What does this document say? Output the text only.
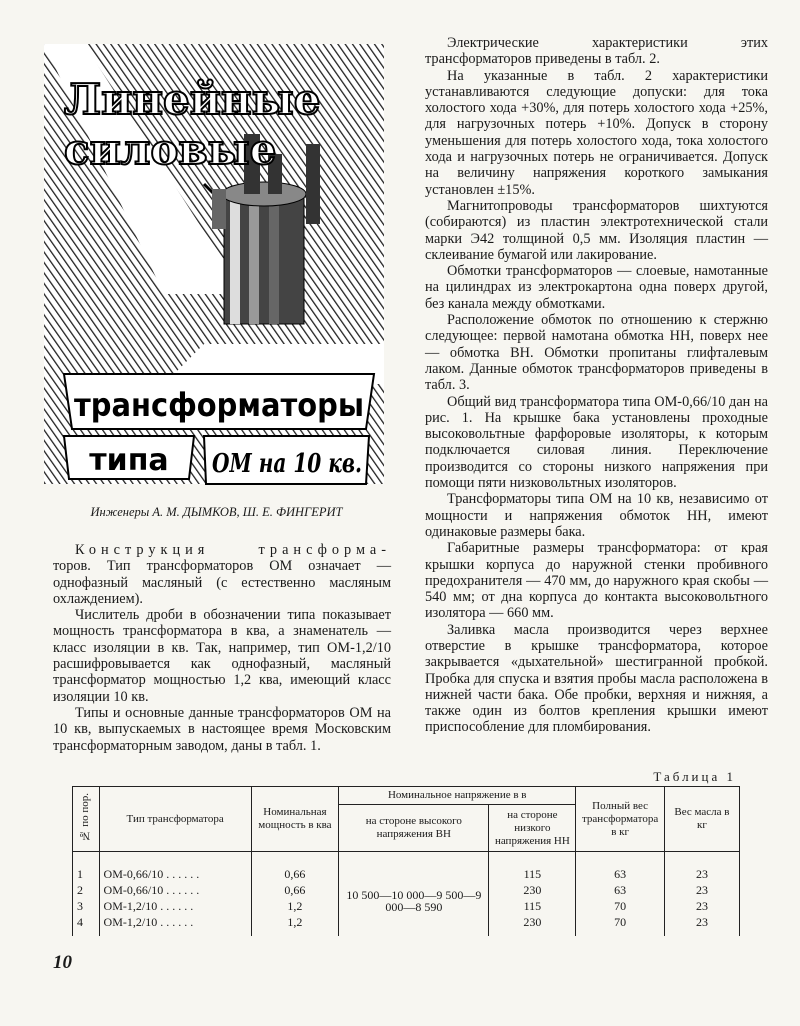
Линейные
силовые
трансформаторы
типа ОМ на 10 кв.
Инженеры А. М. ДЫМКОВ, Ш. Е. ФИНГЕРИТ

Конструкция трансформа- торов. Тип трансформаторов ОМ означает — однофазный масляный (с естественно масляным охлаждением).

Числитель дроби в обозначении типа показывает мощность трансформатора в ква, а знаменатель — класс изоляции в кв. Так, например, тип ОМ-1,2/10 расшифровывается как однофазный, масляный трансформатор мощностью 1,2 ква, имеющий класс изоляции 10 кв.

Типы и основные данные трансформаторов ОМ на 10 кв, выпускаемых в настоящее время Московским трансформаторным заводом, даны в табл. 1.

Электрические характеристики этих трансформаторов приведены в табл. 2.

На указанные в табл. 2 характеристики устанавливаются следующие допуски: для тока холостого хода +30%, для потерь холостого хода +25%, для нагрузочных потерь +10%. Допуск в сторону уменьшения для потерь холостого хода, тока холостого хода и нагрузочных потерь не ограничивается. Допуск на величину напряжения короткого замыкания установлен ±15%.

Магнитопроводы трансформаторов шихтуются (собираются) из пластин электротехнической стали марки Э42 толщиной 0,5 мм. Изоляция пластин — склеивание бумагой или лакирование.

Обмотки трансформаторов — слоевые, намотанные на цилиндрах из электрокартона одна поверх другой, без канала между обмотками.

Расположение обмоток по отношению к стержню следующее: первой намотана обмотка НН, поверх нее — обмотка ВН. Обмотки пропитаны глифталевым лаком. Данные обмоток трансформаторов приведены в табл. 3.

Общий вид трансформатора типа ОМ-0,66/10 дан на рис. 1. На крышке бака установлены проходные высоковольтные фарфоровые изоляторы, к которым подключается силовая линия. Переключение производится со стороны низкого напряжения при помощи пяти низковольтных изоляторов.

Трансформаторы типа ОМ на 10 кв, независимо от мощности и напряжения обмоток НН, имеют одинаковые размеры бака.

Габаритные размеры трансформатора: от края крышки корпуса до наружной стенки пробивного предохранителя — 470 мм, до наружного края скобы — 540 мм; от дна корпуса до контакта высоковольтного изолятора — 660 мм.

Заливка масла производится через верхнее отверстие в крышке трансформатора, которое закрывается «дыхательной» шестигранной пробкой. Пробка для спуска и взятия пробы масла расположена в нижней части бака. Обе пробки, верхняя и нижняя, а также один из болтов крепления крышки имеют приспособление для пломбирования.

Таблица 1
№ по пор.	Тип трансформатора	Номинальная мощность в ква	Номинальное напряжение в в		Полный вес трансформатора в кг	Вес масла в кг
			на стороне высокого напряжения ВН	на стороне низкого напряжения НН		
1	ОМ-0,66/10 . . . . . .	0,66	10 500—10 000—9 500—9 000—8 590	115	63	23
2	ОМ-0,66/10 . . . . . .	0,66		230	63	23
3	ОМ-1,2/10 . . . . . .	1,2		115	70	23
4	ОМ-1,2/10 . . . . . .	1,2		230	70	23
10
